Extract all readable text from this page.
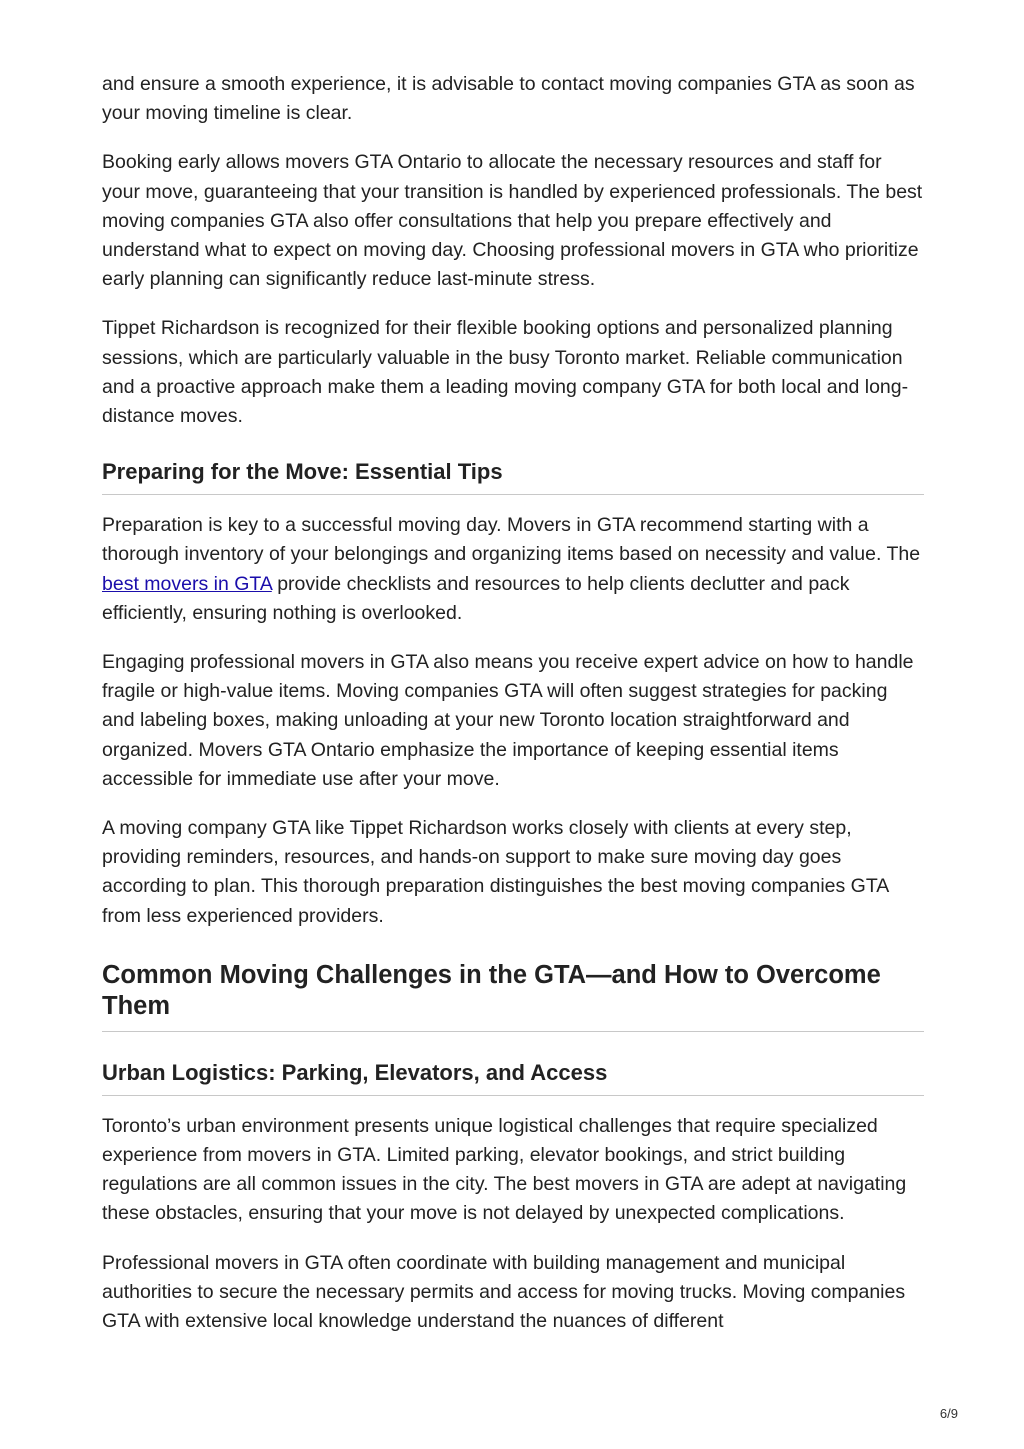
and ensure a smooth experience, it is advisable to contact moving companies GTA as soon as your moving timeline is clear.

Booking early allows movers GTA Ontario to allocate the necessary resources and staff for your move, guaranteeing that your transition is handled by experienced professionals. The best moving companies GTA also offer consultations that help you prepare effectively and understand what to expect on moving day. Choosing professional movers in GTA who prioritize early planning can significantly reduce last-minute stress.

Tippet Richardson is recognized for their flexible booking options and personalized planning sessions, which are particularly valuable in the busy Toronto market. Reliable communication and a proactive approach make them a leading moving company GTA for both local and long-distance moves.

Preparing for the Move: Essential Tips

Preparation is key to a successful moving day. Movers in GTA recommend starting with a thorough inventory of your belongings and organizing items based on necessity and value. The best movers in GTA provide checklists and resources to help clients declutter and pack efficiently, ensuring nothing is overlooked.

Engaging professional movers in GTA also means you receive expert advice on how to handle fragile or high-value items. Moving companies GTA will often suggest strategies for packing and labeling boxes, making unloading at your new Toronto location straightforward and organized. Movers GTA Ontario emphasize the importance of keeping essential items accessible for immediate use after your move.

A moving company GTA like Tippet Richardson works closely with clients at every step, providing reminders, resources, and hands-on support to make sure moving day goes according to plan. This thorough preparation distinguishes the best moving companies GTA from less experienced providers.

Common Moving Challenges in the GTA—and How to Overcome Them
Urban Logistics: Parking, Elevators, and Access

Toronto’s urban environment presents unique logistical challenges that require specialized experience from movers in GTA. Limited parking, elevator bookings, and strict building regulations are all common issues in the city. The best movers in GTA are adept at navigating these obstacles, ensuring that your move is not delayed by unexpected complications.

Professional movers in GTA often coordinate with building management and municipal authorities to secure the necessary permits and access for moving trucks. Moving companies GTA with extensive local knowledge understand the nuances of different

6/9
